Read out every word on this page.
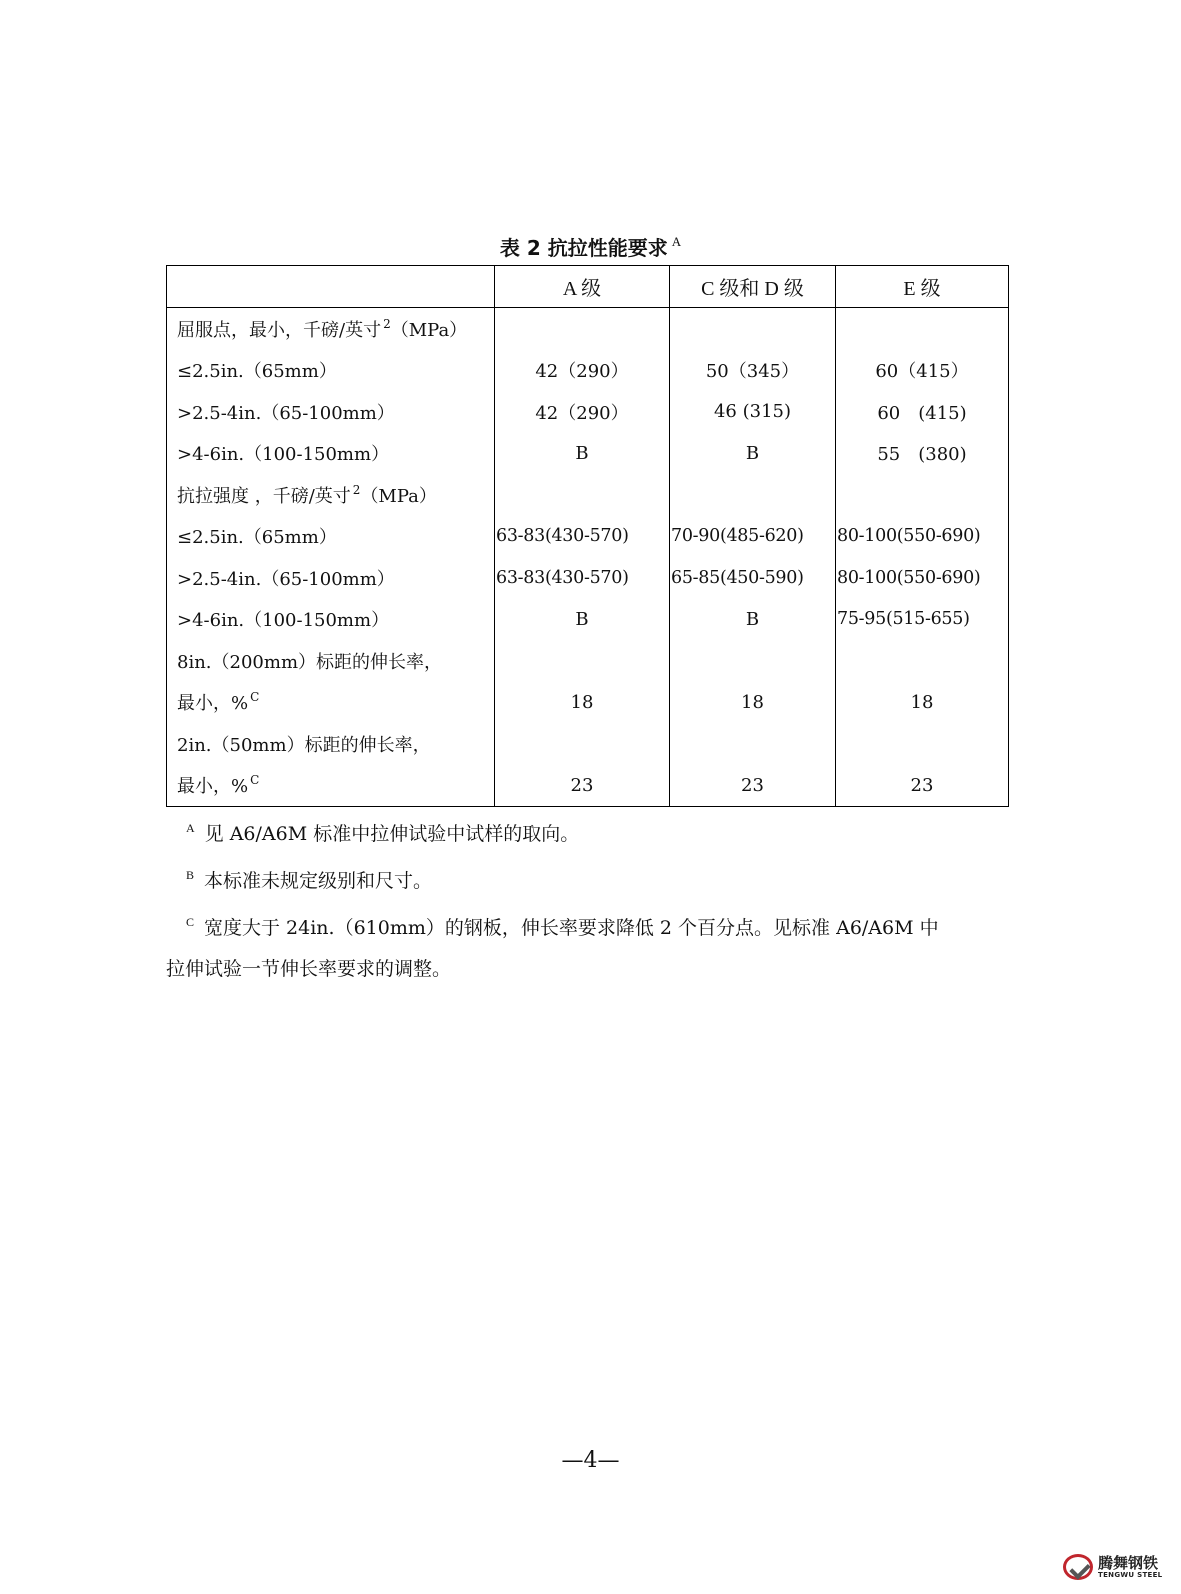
表 2 抗拉性能要求 $^A$
	A 级	C 级和 D 级	E 级
屈服点，最小，千磅/英寸 $^2$（MPa）			
≤2.5in.（65mm）	42（290）	50（345）	60（415）
>2.5-4in.（65-100mm）	42（290）	46 (315)	60　(415)
>4-6in.（100-150mm）	B	B	55　(380)
抗拉强度 ，千磅/英寸 $^2$（MPa）			
≤2.5in.（65mm）	63-83(430-570)	70-90(485-620)	80-100(550-690)
>2.5-4in.（65-100mm）	63-83(430-570)	65-85(450-590)	80-100(550-690)
>4-6in.（100-150mm）	B	B	75-95(515-655)
8in.（200mm）标距的伸长率，			
最小，% $^C$	18	18	18
2in.（50mm）标距的伸长率，			
最小，% $^C$	23	23	23
$^A$ 见 A6/A6M 标准中拉伸试验中试样的取向。
$^B$ 本标准未规定级别和尺寸。
$^C$ 宽度大于 24in.（610mm）的钢板，伸长率要求降低 2 个百分点。见标准 A6/A6M 中
拉伸试验一节伸长率要求的调整。
—4—
腾舞钢铁
TENGWU STEEL
